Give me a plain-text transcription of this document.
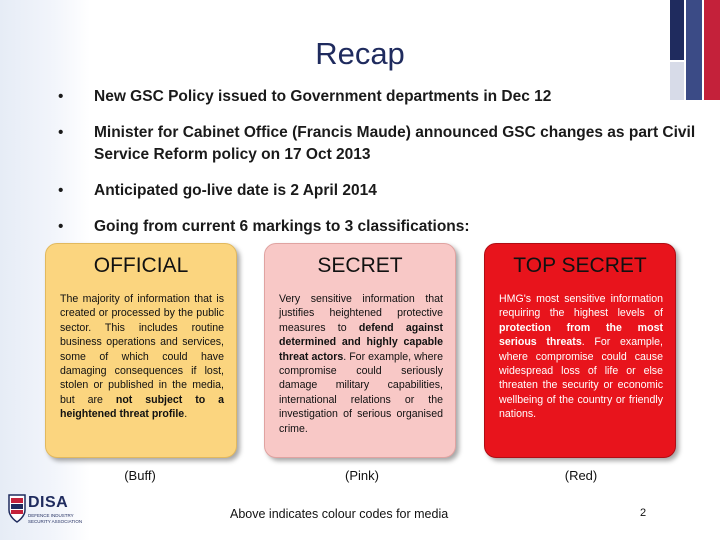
Recap
• New GSC Policy issued to Government departments in Dec 12
• Minister for Cabinet Office (Francis Maude) announced GSC changes as part Civil Service Reform policy on 17 Oct 2013
• Anticipated go-live date is 2 April 2014
• Going from current 6 markings to 3 classifications:
OFFICIAL
The majority of information that is created or processed by the public sector. This includes routine business operations and services, some of which could have damaging consequences if lost, stolen or published in the media, but are not subject to a heightened threat profile.
SECRET
Very sensitive information that justifies heightened protective measures to defend against determined and highly capable threat actors. For example, where compromise could seriously damage military capabilities, international relations or the investigation of serious organised crime.
TOP SECRET
HMG's most sensitive information requiring the highest levels of protection from the most serious threats. For example, where compromise could cause widespread loss of life or else threaten the security or economic wellbeing of the country or friendly nations.
(Buff)	(Pink)	(Red)
DISA
DEFENCE INDUSTRY SECURITY ASSOCIATION	Above indicates colour codes for media	2
